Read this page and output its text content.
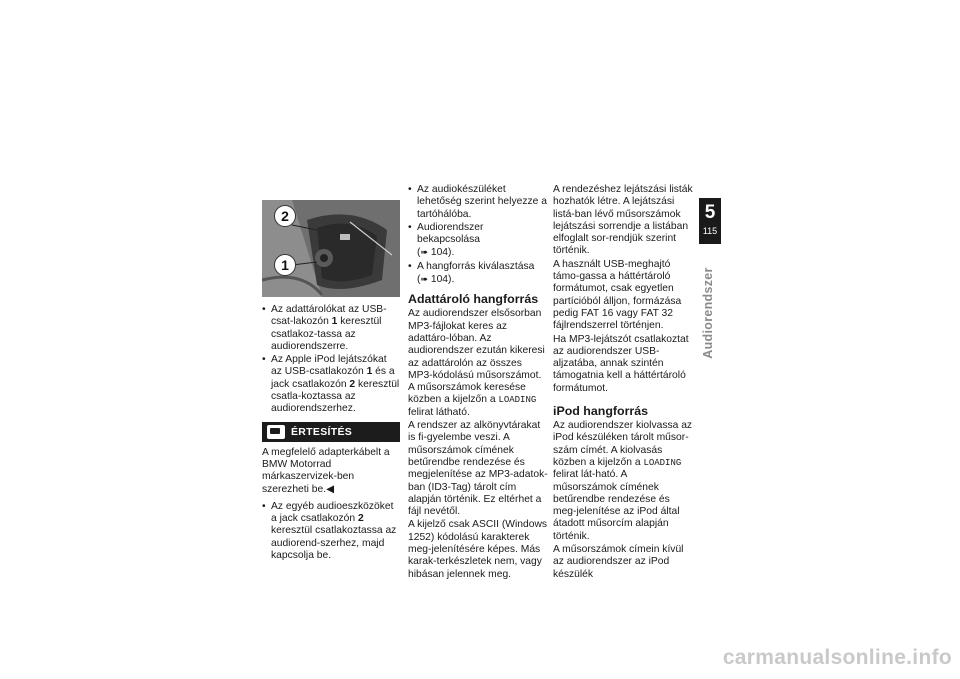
2
1
• Az adattárolókat az USB-csat-lakozón 1 keresztül csatlakoz-tassa az audiorendszerre.
• Az Apple iPod lejátszókat az USB-csatlakozón 1 és a jack csatlakozón 2 keresztül csatla-koztassa az audiorendszerhez.
ÉRTESÍTÉS

A megfelelő adapterkábelt a BMW Motorrad márkaszervizek-ben szerezheti be.◀

• Az egyéb audioeszközöket a jack csatlakozón 2 keresztül csatlakoztassa az audiorend-szerhez, majd kapcsolja be.
• Az audiokészüléket lehetőség szerint helyezze a tartóhálóba.
• Audiorendszer bekapcsolása
(➠ 104).
• A hangforrás kiválasztása
(➠ 104).
Adattároló hangforrás

Az audiorendszer elsősorban MP3-fájlokat keres az adattáro-lóban. Az audiorendszer ezután kikeresi az adattárolón az összes MP3-kódolású műsorszámot. A műsorszámok keresése közben a kijelzőn a LOADING felirat látható.

A rendszer az alkönyvtárakat is fi-gyelembe veszi. A műsorszámok címének betűrendbe rendezése és megjelenítése az MP3-adatok-ban (ID3-Tag) tárolt cím alapján történik. Ez eltérhet a fájl nevétől.

A kijelző csak ASCII (Windows 1252) kódolású karakterek meg-jelenítésére képes. Más karak-terkészletek nem, vagy hibásan jelennek meg.

A rendezéshez lejátszási listák hozhatók létre. A lejátszási listá-ban lévő műsorszámok lejátszási sorrendje a listában elfoglalt sor-rendjük szerint történik.

A használt USB-meghajtó támo-gassa a háttértároló formátumot, csak egyetlen partícióból álljon, formázása pedig FAT 16 vagy FAT 32 fájlrendszerrel történjen.

Ha MP3-lejátszót csatlakoztat az audiorendszer USB-aljzatába, annak szintén támogatnia kell a háttértároló formátumot.

iPod hangforrás

Az audiorendszer kiolvassa az iPod készüléken tárolt műsor-szám címét. A kiolvasás közben a kijelzőn a LOADING felirat lát-ható. A műsorszámok címének betűrendbe rendezése és meg-jelenítése az iPod által átadott műsorcím alapján történik.

A műsorszámok címein kívül az audiorendszer az iPod készülék

5
115
Audiorendszer
carmanualsonline.info
